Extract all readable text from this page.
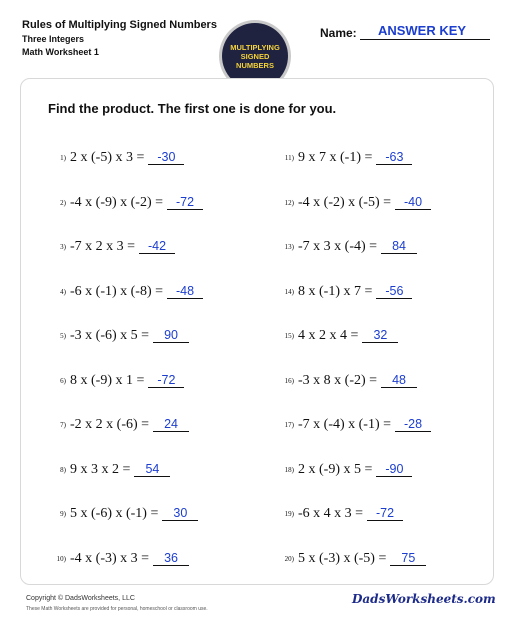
Rules of Multiplying Signed Numbers
Three Integers
Math Worksheet 1	MULTIPLYING
SIGNED
NUMBERS
Name:	ANSWER KEY
Find the product. The first one is done for you.
1) 2 x (-5) x 3 = -30
2) -4 x (-9) x (-2) = -72
3) -7 x 2 x 3 = -42
4) -6 x (-1) x (-8) = -48
5) -3 x (-6) x 5 = 90
6) 8 x (-9) x 1 = -72
7) -2 x 2 x (-6) = 24
8) 9 x 3 x 2 = 54
9) 5 x (-6) x (-1) = 30
10) -4 x (-3) x 3 = 36
11) 9 x 7 x (-1) = -63
12) -4 x (-2) x (-5) = -40
13) -7 x 3 x (-4) = 84
14) 8 x (-1) x 7 = -56
15) 4 x 2 x 4 = 32
16) -3 x 8 x (-2) = 48
17) -7 x (-4) x (-1) = -28
18) 2 x (-9) x 5 = -90
19) -6 x 4 x 3 = -72
20) 5 x (-3) x (-5) = 75
Copyright © DadsWorksheets, LLC
These Math Worksheets are provided for personal, homeschool or classroom use.
DadsWorksheets.com
